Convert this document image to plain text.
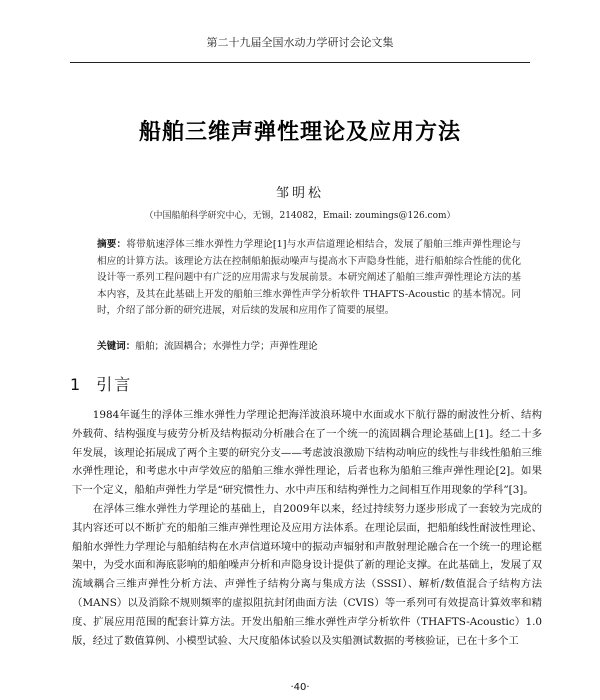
第二十九届全国水动力学研讨会论文集
船舶三维声弹性理论及应用方法
邹明松
（中国船舶科学研究中心，无锡，214082，Email: zoumings@126.com）
摘要：将带航速浮体三维水弹性力学理论[1]与水声信道理论相结合，发展了船舶三维声弹性理论与相应的计算方法。该理论方法在控制船舶振动噪声与提高水下声隐身性能，进行船舶综合性能的优化设计等一系列工程问题中有广泛的应用需求与发展前景。本研究阐述了船舶三维声弹性理论方法的基本内容，及其在此基础上开发的船舶三维水弹性声学分析软件 THAFTS-Acoustic 的基本情况。同时，介绍了部分新的研究进展，对后续的发展和应用作了简要的展望。
关键词：船舶；流固耦合；水弹性力学；声弹性理论
1 引言

1984年诞生的浮体三维水弹性力学理论把海洋波浪环境中水面或水下航行器的耐波性分析、结构外载荷、结构强度与疲劳分析及结构振动分析融合在了一个统一的流固耦合理论基础上[1]。经二十多年发展，该理论拓展成了两个主要的研究分支——考虑波浪激励下结构动响应的线性与非线性船舶三维水弹性理论，和考虑水中声学效应的船舶三维水弹性理论，后者也称为船舶三维声弹性理论[2]。如果下一个定义，船舶声弹性力学是“研究惯性力、水中声压和结构弹性力之间相互作用现象的学科”[3]。

在浮体三维水弹性力学理论的基础上，自2009年以来，经过持续努力逐步形成了一套较为完成的其内容还可以不断扩充的船舶三维声弹性理论及应用方法体系。在理论层面，把船舶线性耐波性理论、船舶水弹性力学理论与船舶结构在水声信道环境中的振动声辐射和声散射理论融合在一个统一的理论框架中，为受水面和海底影响的船舶噪声分析和声隐身设计提供了新的理论支撑。在此基础上，发展了双流域耦合三维声弹性分析方法、声弹性子结构分离与集成方法（SSSI）、解析/数值混合子结构方法（MANS）以及消除不规则频率的虚拟阻抗封闭曲面方法（CVIS）等一系列可有效提高计算效率和精度、扩展应用范围的配套计算方法。开发出船舶三维水弹性声学分析软件（THAFTS-Acoustic）1.0版，经过了数值算例、小模型试验、大尺度船体试验以及实船测试数据的考核验证，已在十多个工

·40·
